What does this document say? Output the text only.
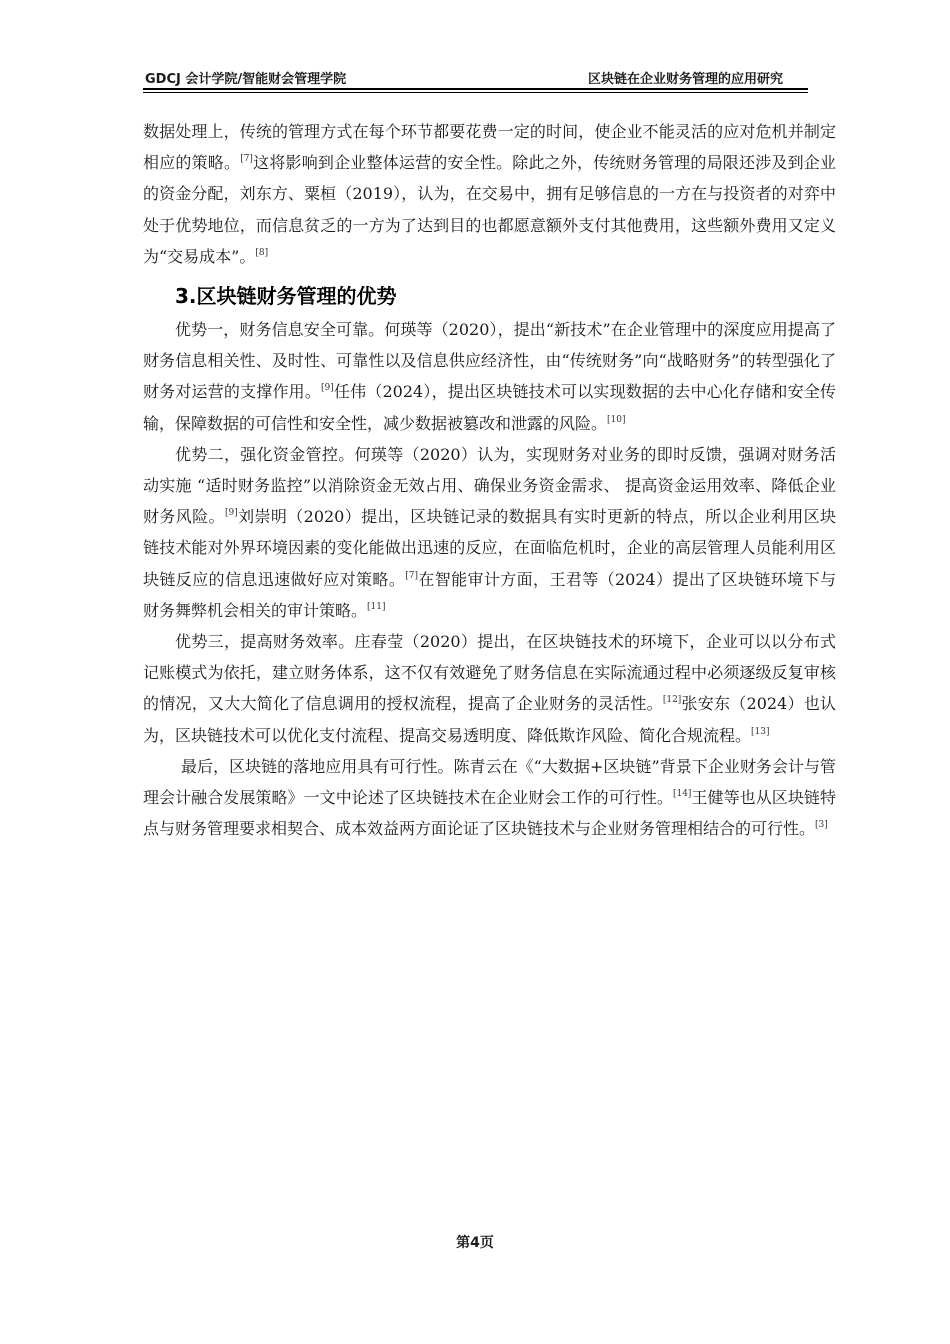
GDCJ 会计学院/智能财会管理学院	区块链在企业财务管理的应用研究

数据处理上，传统的管理方式在每个环节都要花费一定的时间，使企业不能灵活的应对危机并制定相应的策略。[7]这将影响到企业整体运营的安全性。除此之外，传统财务管理的局限还涉及到企业的资金分配，刘东方、粟桓（2019），认为，在交易中，拥有足够信息的一方在与投资者的对弈中处于优势地位，而信息贫乏的一方为了达到目的也都愿意额外支付其他费用，这些额外费用又定义为“交易成本”。[8]

3.区块链财务管理的优势

优势一，财务信息安全可靠。何瑛等（2020），提出“新技术”在企业管理中的深度应用提高了财务信息相关性、及时性、可靠性以及信息供应经济性，由“传统财务”向“战略财务”的转型强化了财务对运营的支撑作用。[9]任伟（2024），提出区块链技术可以实现数据的去中心化存储和安全传输，保障数据的可信性和安全性，减少数据被篡改和泄露的风险。[10]

优势二，强化资金管控。何瑛等（2020）认为，实现财务对业务的即时反馈，强调对财务活动实施 “适时财务监控”以消除资金无效占用、确保业务资金需求、 提高资金运用效率、降低企业财务风险。[9]刘崇明（2020）提出，区块链记录的数据具有实时更新的特点，所以企业利用区块链技术能对外界环境因素的变化能做出迅速的反应，在面临危机时，企业的高层管理人员能利用区块链反应的信息迅速做好应对策略。[7]在智能审计方面，王君等（2024）提出了区块链环境下与财务舞弊机会相关的审计策略。[11]

优势三，提高财务效率。庄春莹（2020）提出，在区块链技术的环境下，企业可以以分布式记账模式为依托，建立财务体系，这不仅有效避免了财务信息在实际流通过程中必须逐级反复审核的情况，又大大简化了信息调用的授权流程，提高了企业财务的灵活性。[12]张安东（2024）也认为，区块链技术可以优化支付流程、提高交易透明度、降低欺诈风险、简化合规流程。[13]

最后，区块链的落地应用具有可行性。陈青云在《“大数据+区块链”背景下企业财务会计与管理会计融合发展策略》一文中论述了区块链技术在企业财会工作的可行性。[14]王健等也从区块链特点与财务管理要求相契合、成本效益两方面论证了区块链技术与企业财务管理相结合的可行性。[3]

第4页
